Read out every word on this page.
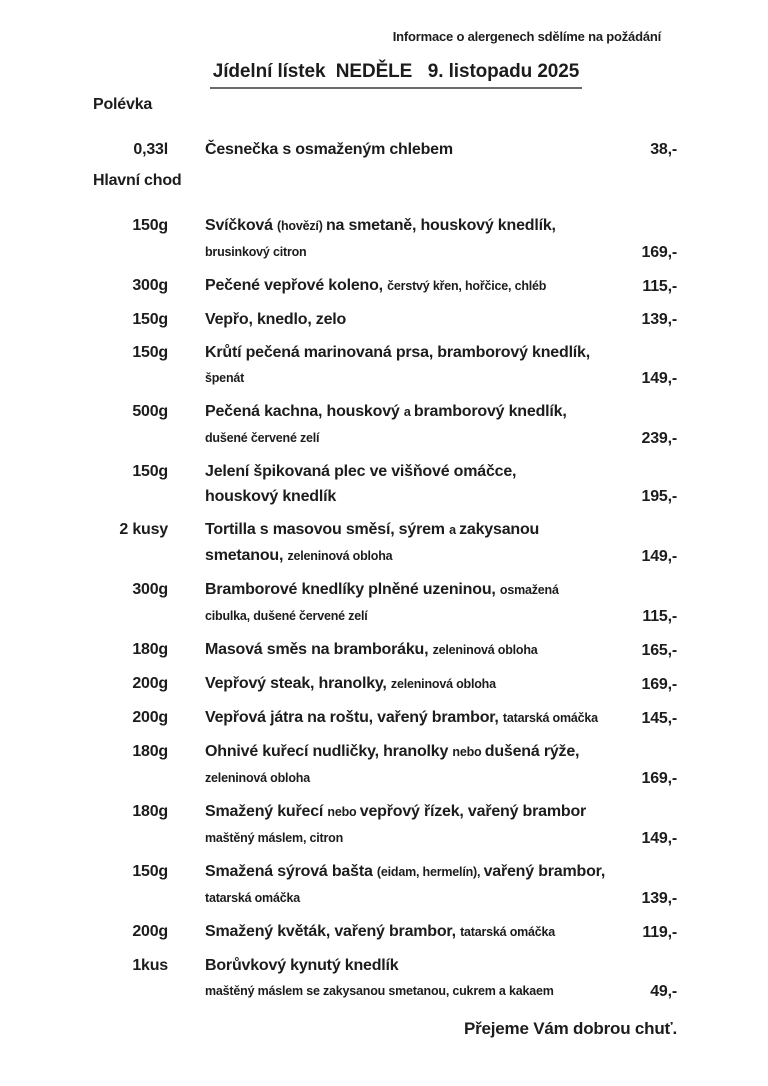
Informace o alergenech sdělíme na požádání
Jídelní lístek  NEDĚLE   9. listopadu 2025
Polévka
0,33l Česnečka s osmaženým chlebem	38,-
Hlavní chod
150g Svíčková (hovězí) na smetaně, houskový knedlík,
brusinkový citron	169,-
300g Pečené vepřové koleno, čerstvý křen, hořčice, chléb	115,-
150g Vepřo, knedlo, zelo	139,-
150g Krůtí pečená marinovaná prsa, bramborový knedlík,
špenát	149,-
500g Pečená kachna, houskový a bramborový knedlík,
dušené červené zelí	239,-
150g Jelení špikovaná plec ve višňové omáčce,
houskový knedlík	195,-
2 kusy Tortilla s masovou směsí, sýrem a zakysanou
smetanou, zeleninová obloha	149,-
300g Bramborové knedlíky plněné uzeninou, osmažená
cibulka, dušené červené zelí	115,-
180g Masová směs na bramboráku, zeleninová obloha	165,-
200g Vepřový steak, hranolky, zeleninová obloha	169,-
200g Vepřová játra na roštu, vařený brambor, tatarská omáčka	145,-
180g Ohnivé kuřecí nudličky, hranolky nebo dušená rýže,
zeleninová obloha	169,-
180g Smažený kuřecí nebo vepřový řízek, vařený brambor
maštěný máslem, citron	149,-
150g Smažená sýrová bašta (eidam, hermelín), vařený brambor,
tatarská omáčka	139,-
200g Smažený květák, vařený brambor, tatarská omáčka	119,-
1kus Borůvkový kynutý knedlík
maštěný máslem se zakysanou smetanou, cukrem a kakaem	49,-
Přejeme Vám dobrou chuť.
